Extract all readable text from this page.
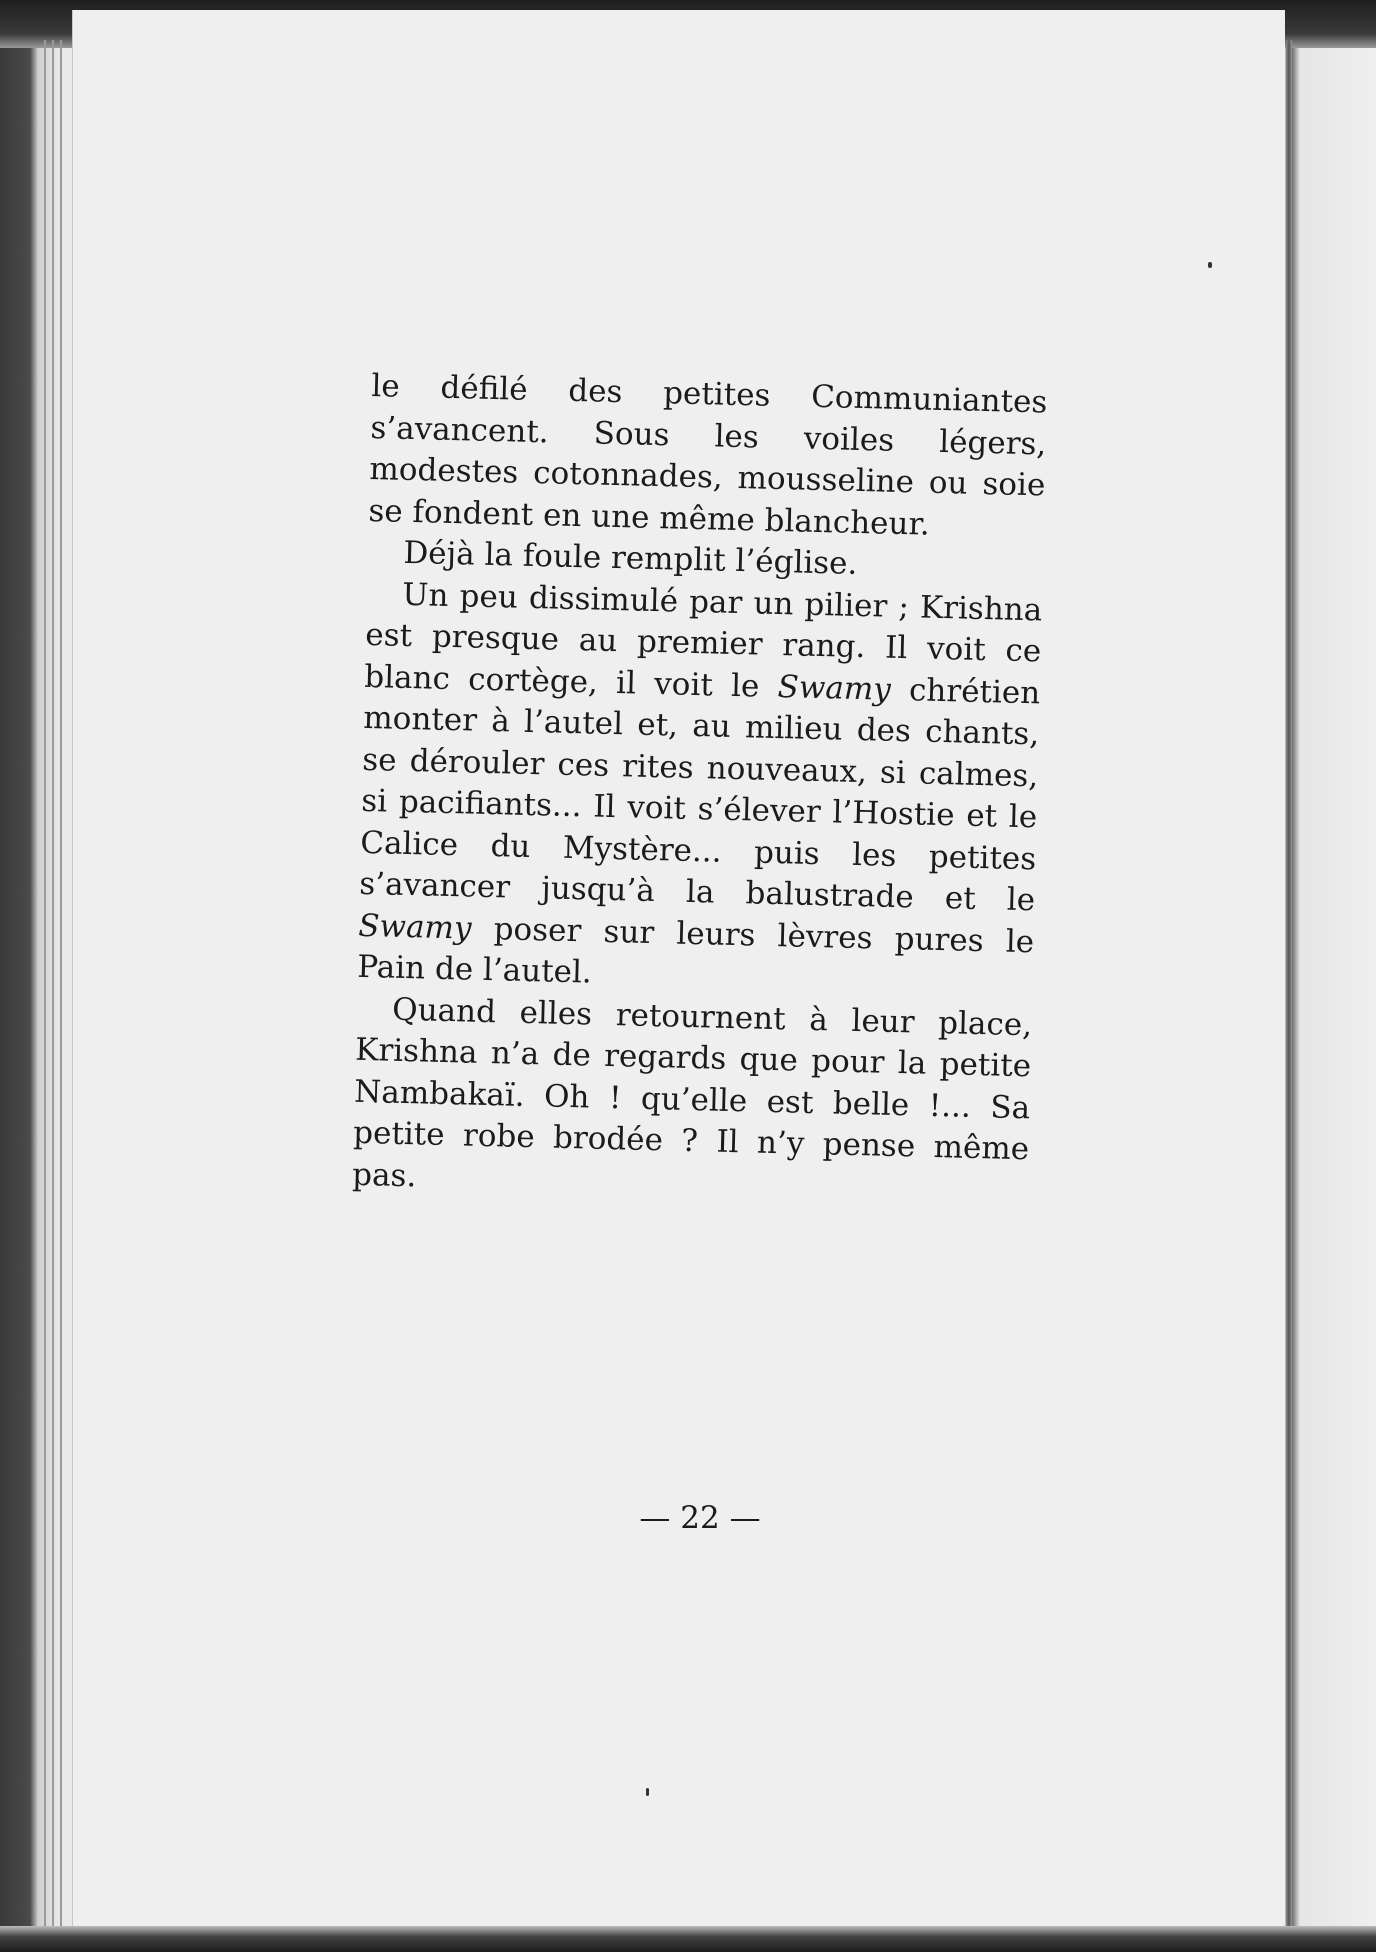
le défilé des petites Communiantes s’avancent. Sous les voiles légers, modestes cotonnades, mousseline ou soie se fondent en une même blancheur.

Déjà la foule remplit l’église.

Un peu dissimulé par un pilier ; Krishna est presque au premier rang. Il voit ce blanc cortège, il voit le Swamy chrétien monter à l’autel et, au milieu des chants, se dérouler ces rites nouveaux, si calmes, si pacifiants... Il voit s’élever l’Hostie et le Calice du Mystère... puis les petites s’avancer jusqu’à la balustrade et le Swamy poser sur leurs lèvres pures le Pain de l’autel.

Quand elles retournent à leur place, Krishna n’a de regards que pour la petite Nambakaï. Oh ! qu’elle est belle !... Sa petite robe brodée ? Il n’y pense même pas.

— 22 —
